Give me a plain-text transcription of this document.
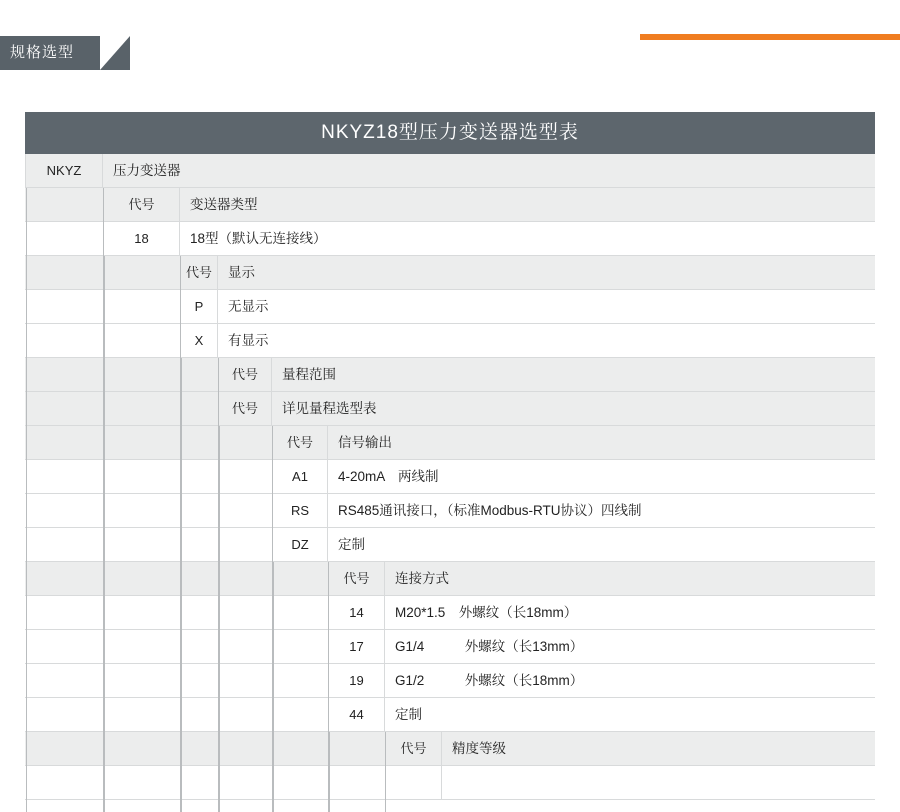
规格选型
NKYZ18型压力变送器选型表
NKYZ	压力变送器
代号	变送器类型
18	18型（默认无连接线）
代号	显示
P	无显示
X	有显示
代号	量程范围
代号	详见量程选型表
代号	信号输出
A1	4-20mA　两线制
RS	RS485通讯接口，（标准Modbus-RTU协议）四线制
DZ	定制
代号	连接方式
14	M20*1.5　外螺纹（长18mm）
17	G1/4　　　外螺纹（长13mm）
19	G1/2　　　外螺纹（长18mm）
44	定制
代号	精度等级
